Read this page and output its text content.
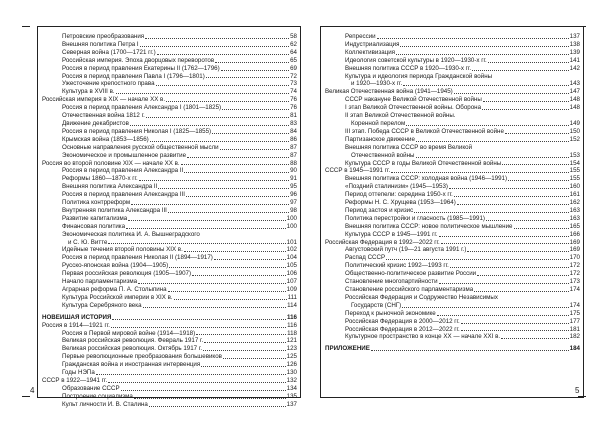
Петровские преобразования	58
Внешняя политика Петра I	62
Северная война (1700—1721 гг.)	64
Российская империя. Эпоха дворцовых переворотов	65
Россия в период правления Екатерины II (1762—1796)	69
Россия в период правления Павла I (1796—1801)	72
Ужесточение крепостного права	73
Культура в XVIII в.	74
Российская империя в XIX — начале XX в.	76
Россия в период правления Александра I (1801—1825)	76
Отечественная война 1812 г.	81
Движение декабристов	83
Россия в период правления Николая I (1825—1855)	84
Крымская война (1853—1856)	86
Основные направления русской общественной мысли	87
Экономическое и промышленное развитие	87
Россия во второй половине XIX — начале XX в.	88
Россия в период правления Александра II	90
Реформы 1860—1870-х гг.	91
Внешняя политика Александра II	95
Россия в период правления Александра III	96
Политика контрреформ	97
Внутренняя политика Александра III	98
Развитие капитализма	100
Финансовая политика	100
Экономическая политика И. А. Вышнеградского
и С. Ю. Витте	101
Идейные течения второй половины XIX в.	102
Россия в период правления Николая II (1894—1917)	104
Русско-японская война (1904—1905)	105
Первая российская революция (1905—1907)	106
Начало парламентаризма	107
Аграрная реформа П. А. Столыпина	109
Культура Российской империи в XIX в.	111
Культура Серебряного века	114
НОВЕЙШАЯ ИСТОРИЯ	116
Россия в 1914—1921 гг.	116
Россия в Первой мировой войне (1914—1918)	118
Великая российская революция. Февраль 1917 г.	121
Великая российская революция. Октябрь 1917 г.	123
Первые революционные преобразования большевиков	125
Гражданская война и иностранная интервенция	126
Годы НЭПа	130
СССР в 1922—1941 гг.	132
Образование СССР	134
Построение социализма	135
Культ личности И. В. Сталина	137
Репрессии	137
Индустриализация	138
Коллективизация	139
Идеология советской культуры в 1920—1930-х гг.	141
Внешняя политика СССР в 1920—1930-х гг.	142
Культура и идеология периода Гражданской войны
и 1920—1930-х гг.	143
Великая Отечественная война (1941—1945)	147
СССР накануне Великой Отечественной войны	148
I этап Великой Отечественной войны. Оборона	148
II этап Великой Отечественной войны.
Коренной перелом	149
III этап. Победа СССР в Великой Отечественной войне	150
Партизанское движение	152
Внешняя политика СССР во время Великой
Отечественной войны	153
Культура СССР в годы Великой Отечественной войны	154
СССР в 1945—1991 гг.	155
Внешняя политика СССР: холодная война (1946—1991)	155
«Поздний сталинизм» (1945—1953)	160
Период оттепели: середина 1950-х гг.	161
Реформы Н. С. Хрущева (1953—1964)	162
Период застоя и кризис	163
Политика перестройки и гласность (1985—1991)	163
Внешняя политика СССР: новое политическое мышление	165
Культура СССР в 1945—1991 гг.	166
Российская Федерация в 1992—2022 гг.	169
Августовский путч (19—21 августа 1991 г.)	169
Распад СССР	170
Политический кризис 1992—1993 гг.	172
Общественно-политическое развитие России	172
Становление многопартийности	173
Становление российского парламентаризма	174
Российская Федерация и Содружество Независимых
Государств (СНГ)	174
Переход к рыночной экономике	175
Российская Федерация в 2000—2012 гг.	177
Российская Федерация в 2012—2022 гг.	181
Культурное пространство в конце XX — начале XXI в.	182
ПРИЛОЖЕНИЕ	184
4	5
